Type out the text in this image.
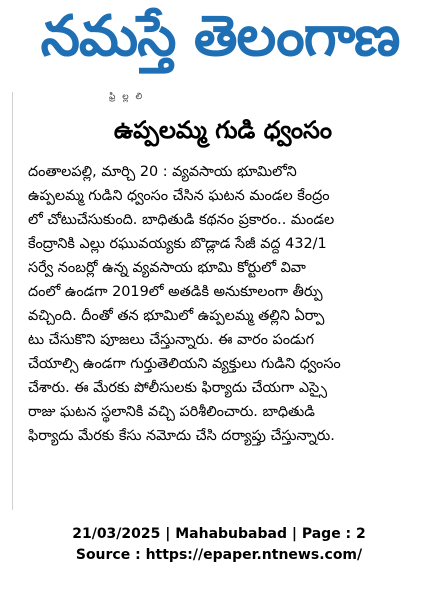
నమస్తే తెలంగాణ
ఫ్రి ల్ల లి
ఉప్పలమ్మ గుడి ధ్వంసం
దంతాలపల్లి, మార్చి 20 : వ్యవసాయ భూమిలోని
ఉప్పలమ్మ గుడిని ధ్వంసం చేసిన ఘటన మండల కేంద్రం
లో చోటుచేసుకుంది. బాధితుడి కథనం ప్రకారం.. మండల
కేంద్రానికి ఎల్లు రఘువయ్యకు బొడ్లాడ సేజీ వద్ద 432/1
సర్వే నంబర్లో ఉన్న వ్యవసాయ భూమి కోర్టులో వివా
దంలో ఉండగా 2019లో అతడికి అనుకూలంగా తీర్పు
వచ్చింది. దీంతో తన భూమిలో ఉప్పలమ్మ తల్లిని ఏర్పా
టు చేసుకొని పూజలు చేస్తున్నారు. ఈ వారం పండుగ
చేయాల్సి ఉండగా గుర్తుతెలియని వ్యక్తులు గుడిని ధ్వంసం
చేశారు. ఈ మేరకు పోలీసులకు ఫిర్యాదు చేయగా ఎస్సై
రాజు ఘటన స్థలానికి వచ్చి పరిశీలించారు. బాధితుడి
ఫిర్యాదు మేరకు కేసు నమోదు చేసి దర్యాప్తు చేస్తున్నారు.
21/03/2025 | Mahabubabad | Page : 2
Source : https://epaper.ntnews.com/
